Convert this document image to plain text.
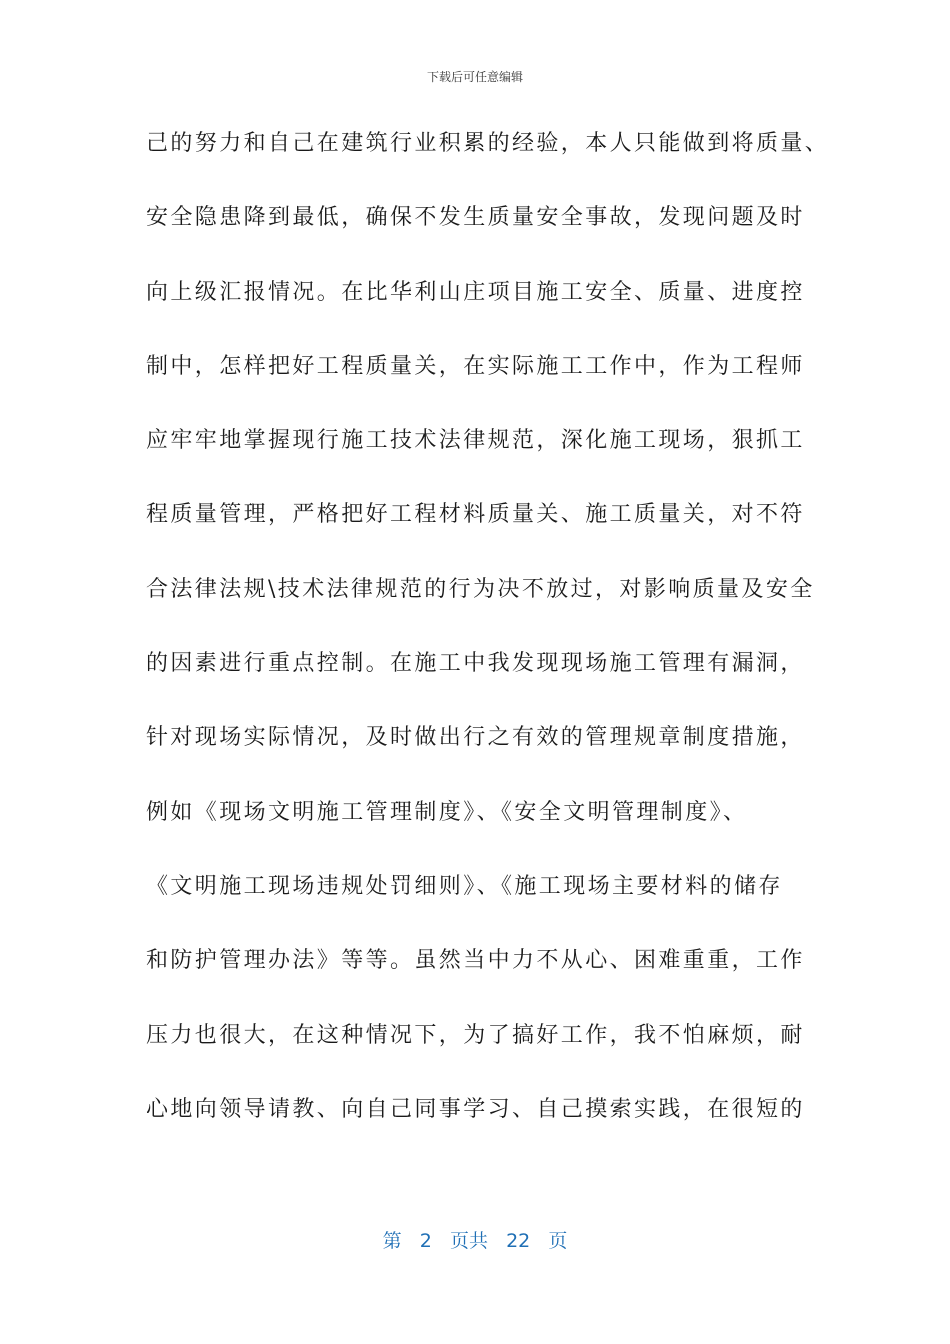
下载后可任意编辑
己的努力和自己在建筑行业积累的经验，本人只能做到将质量、
安全隐患降到最低，确保不发生质量安全事故，发现问题及时
向上级汇报情况。在比华利山庄项目施工安全、质量、进度控
制中，怎样把好工程质量关，在实际施工工作中，作为工程师
应牢牢地掌握现行施工技术法律规范，深化施工现场，狠抓工
程质量管理，严格把好工程材料质量关、施工质量关，对不符
合法律法规\技术法律规范的行为决不放过，对影响质量及安全
的因素进行重点控制。在施工中我发现现场施工管理有漏洞，
针对现场实际情况，及时做出行之有效的管理规章制度措施，
例如《现场文明施工管理制度》、《安全文明管理制度》、
《文明施工现场违规处罚细则》、《施工现场主要材料的储存
和防护管理办法》等等。虽然当中力不从心、困难重重，工作
压力也很大，在这种情况下，为了搞好工作，我不怕麻烦，耐
心地向领导请教、向自己同事学习、自己摸索实践，在很短的
第 2 页共 22 页
